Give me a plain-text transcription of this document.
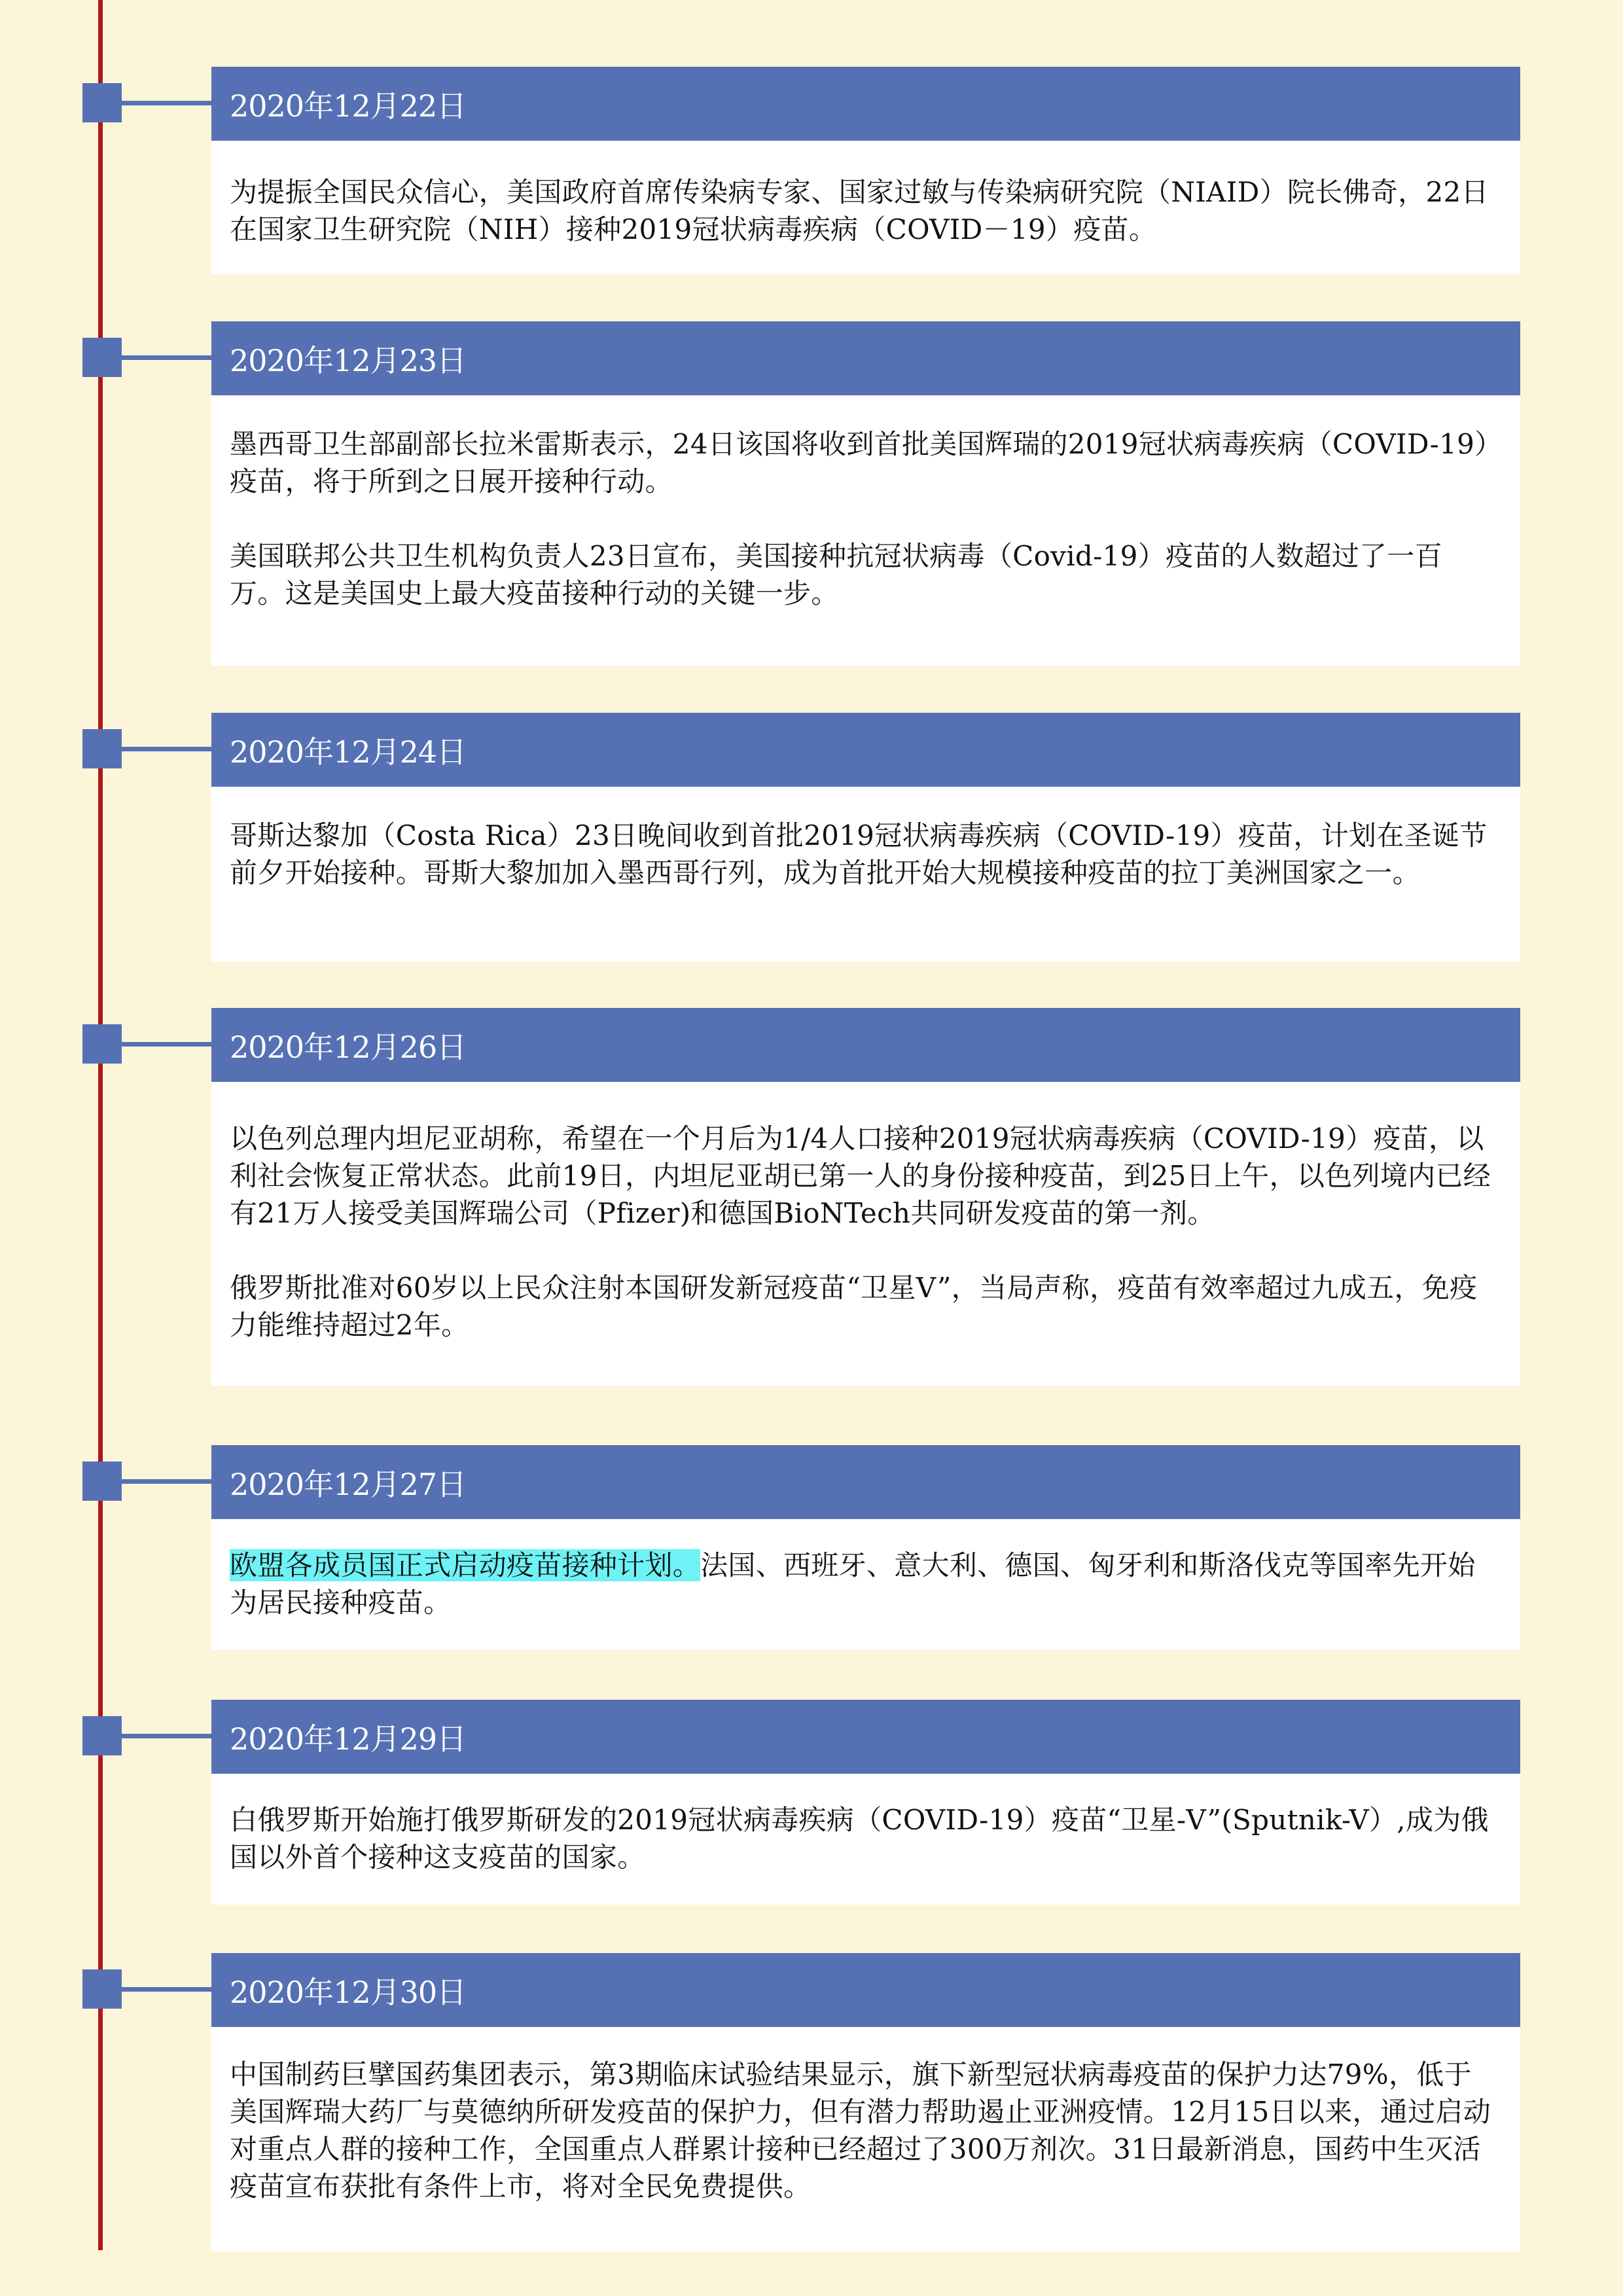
2020年12月22日

为提振全国民众信心，美国政府首席传染病专家、国家过敏与传染病研究院（NIAID）院长佛奇，22日在国家卫生研究院（NIH）接种2019冠状病毒疾病（COVID－19）疫苗。

2020年12月23日

墨西哥卫生部副部长拉米雷斯表示，24日该国将收到首批美国辉瑞的2019冠状病毒疾病（COVID-19）疫苗，将于所到之日展开接种行动。

美国联邦公共卫生机构负责人23日宣布，美国接种抗冠状病毒（Covid-19）疫苗的人数超过了一百万。这是美国史上最大疫苗接种行动的关键一步。

2020年12月24日

哥斯达黎加（Costa Rica）23日晚间收到首批2019冠状病毒疾病（COVID-19）疫苗，计划在圣诞节前夕开始接种。哥斯大黎加加入墨西哥行列，成为首批开始大规模接种疫苗的拉丁美洲国家之一。

2020年12月26日

以色列总理内坦尼亚胡称，希望在一个月后为1/4人口接种2019冠状病毒疾病（COVID-19）疫苗，以利社会恢复正常状态。此前19日，内坦尼亚胡已第一人的身份接种疫苗，到25日上午，以色列境内已经有21万人接受美国辉瑞公司（Pfizer)和德国BioNTech共同研发疫苗的第一剂。

俄罗斯批准对60岁以上民众注射本国研发新冠疫苗“卫星V”，当局声称，疫苗有效率超过九成五，免疫力能维持超过2年。

2020年12月27日

欧盟各成员国正式启动疫苗接种计划。法国、西班牙、意大利、德国、匈牙利和斯洛伐克等国率先开始为居民接种疫苗。

2020年12月29日

白俄罗斯开始施打俄罗斯研发的2019冠状病毒疾病（COVID-19）疫苗“卫星-V”(Sputnik-V）,成为俄国以外首个接种这支疫苗的国家。

2020年12月30日

中国制药巨擘国药集团表示，第3期临床试验结果显示，旗下新型冠状病毒疫苗的保护力达79%，低于美国辉瑞大药厂与莫德纳所研发疫苗的保护力，但有潜力帮助遏止亚洲疫情。12月15日以来，通过启动对重点人群的接种工作，全国重点人群累计接种已经超过了300万剂次。31日最新消息，国药中生灭活疫苗宣布获批有条件上市，将对全民免费提供。
